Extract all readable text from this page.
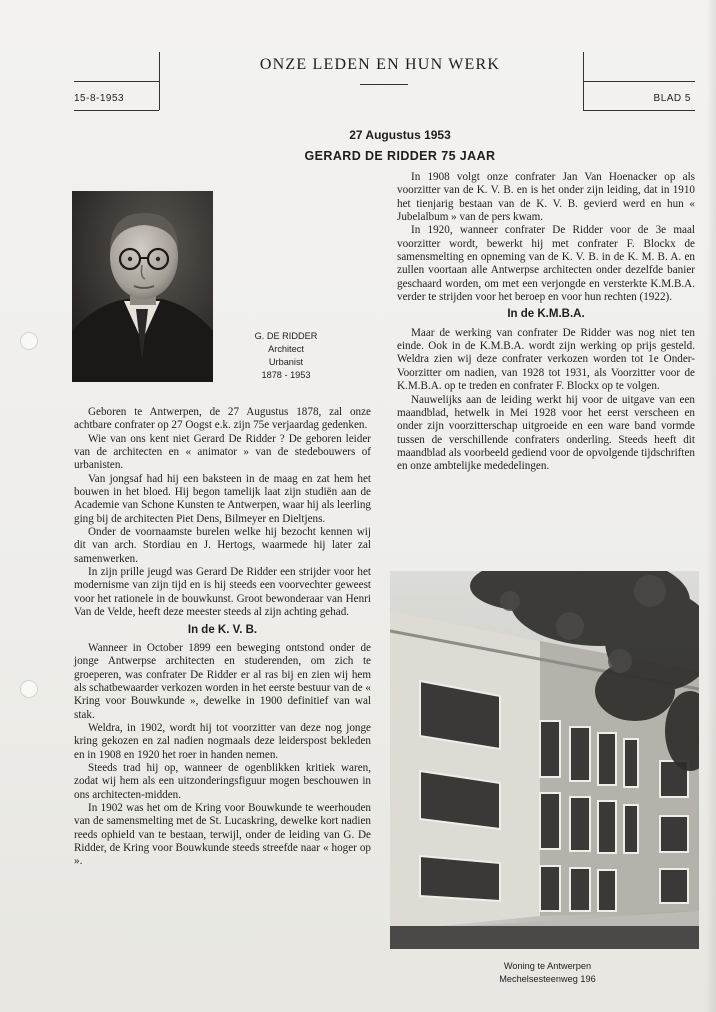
ONZE LEDEN EN HUN WERK
15-8-1953	BLAD 5
27 Augustus 1953
GERARD DE RIDDER 75 JAAR
G. DE RIDDER
Architect
Urbanist
1878 - 1953

Geboren te Antwerpen, de 27 Augustus 1878, zal onze achtbare confrater op 27 Oogst e.k. zijn 75e verjaardag gedenken.

Wie van ons kent niet Gerard De Ridder ? De geboren leider van de architecten en « animator » van de stedebouwers of urbanisten.

Van jongsaf had hij een baksteen in de maag en zat hem het bouwen in het bloed. Hij begon tamelijk laat zijn studiën aan de Academie van Schone Kunsten te Antwerpen, waar hij als leerling ging bij de architecten Piet Dens, Bilmeyer en Dieltjens.

Onder de voornaamste burelen welke hij bezocht kennen wij dit van arch. Stordiau en J. Hertogs, waarmede hij later zal samenwerken.

In zijn prille jeugd was Gerard De Ridder een strijder voor het modernisme van zijn tijd en is hij steeds een voorvechter geweest voor het rationele in de bouwkunst. Groot bewonderaar van Henri Van de Velde, heeft deze meester steeds al zijn achting gehad.

In de K. V. B.

Wanneer in October 1899 een beweging ontstond onder de jonge Antwerpse architecten en studerenden, om zich te groeperen, was confrater De Ridder er al ras bij en zien wij hem als schatbewaarder verkozen worden in het eerste bestuur van de « Kring voor Bouwkunde », dewelke in 1900 definitief van wal stak.

Weldra, in 1902, wordt hij tot voorzitter van deze nog jonge kring gekozen en zal nadien nogmaals deze leiderspost bekleden en in 1908 en 1920 het roer in handen nemen.

Steeds trad hij op, wanneer de ogenblikken kritiek waren, zodat wij hem als een uitzonderingsfiguur mogen beschouwen in ons architecten-midden.

In 1902 was het om de Kring voor Bouwkunde te weerhouden van de samensmelting met de St. Lucaskring, dewelke kort nadien reeds ophield van te bestaan, terwijl, onder de leiding van G. De Ridder, de Kring voor Bouwkunde steeds streefde naar « hoger op ».

In 1908 volgt onze confrater Jan Van Hoenacker op als voorzitter van de K. V. B. en is het onder zijn leiding, dat in 1910 het tienjarig bestaan van de K. V. B. gevierd werd en hun « Jubelalbum » van de pers kwam.

In 1920, wanneer confrater De Ridder voor de 3e maal voorzitter wordt, bewerkt hij met confrater F. Blockx de samensmelting en opneming van de K. V. B. in de K. M. B. A. en zullen voortaan alle Antwerpse architecten onder dezelfde banier geschaard worden, om met een verjongde en versterkte K.M.B.A. verder te strijden voor het beroep en voor hun rechten (1922).

In de K.M.B.A.

Maar de werking van confrater De Ridder was nog niet ten einde. Ook in de K.M.B.A. wordt zijn werking op prijs gesteld. Weldra zien wij deze confrater verkozen worden tot 1e Onder-Voorzitter om nadien, van 1928 tot 1931, als Voorzitter voor de K.M.B.A. op te treden en confrater F. Blockx op te volgen.

Nauwelijks aan de leiding werkt hij voor de uitgave van een maandblad, hetwelk in Mei 1928 voor het eerst verscheen en onder zijn voorzitterschap uitgroeide en een ware band vormde tussen de verschillende confraters onderling. Steeds heeft dit maandblad als voorbeeld gediend voor de opvolgende tijdschriften en onze ambtelijke mededelingen.

Woning te Antwerpen
Mechelsesteenweg 196
